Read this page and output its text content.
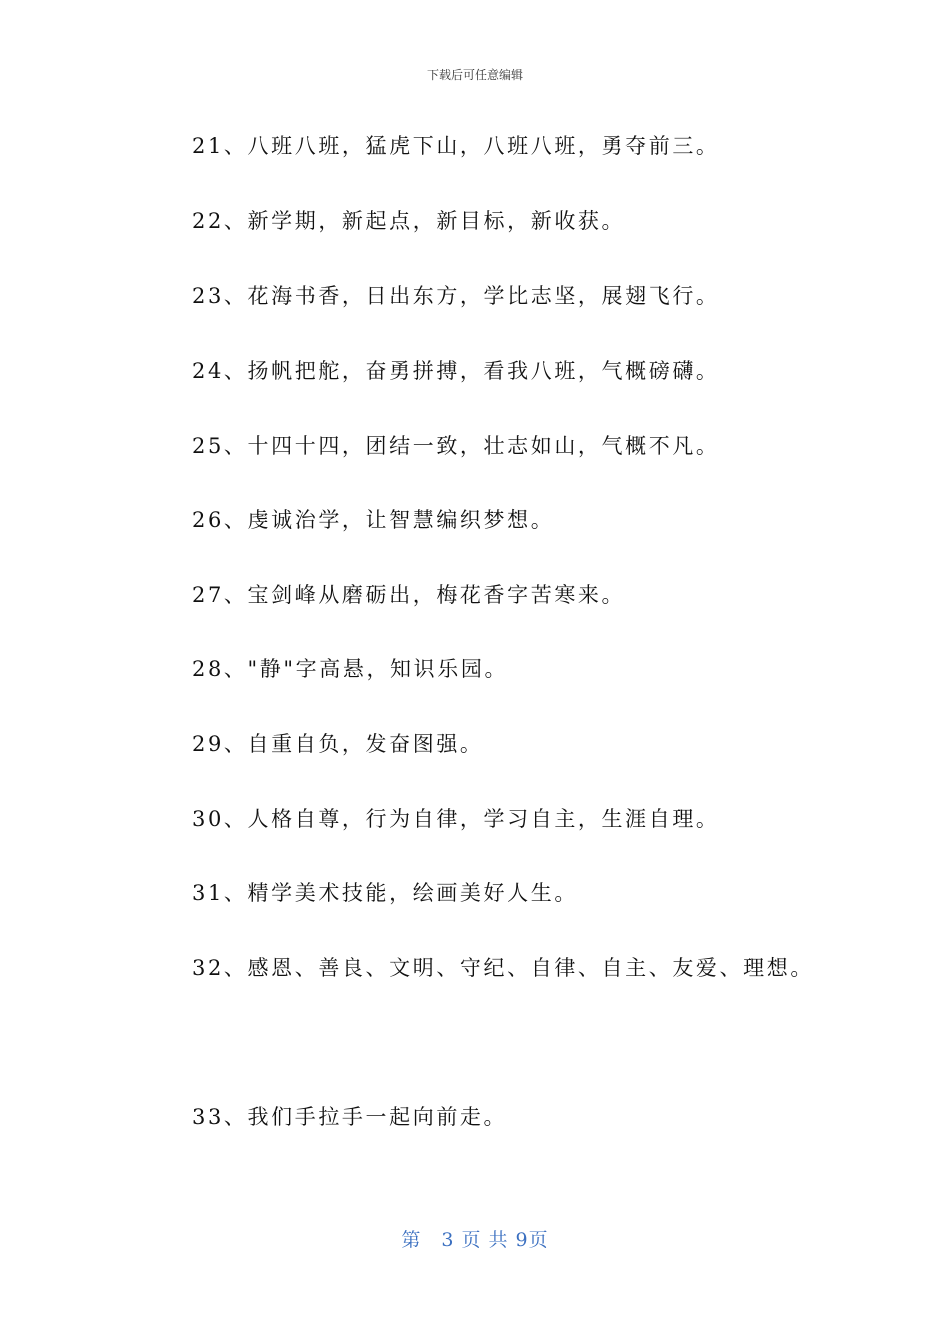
下载后可任意编辑
21、八班八班，猛虎下山，八班八班，勇夺前三。
22、新学期，新起点，新目标，新收获。
23、花海书香，日出东方，学比志坚，展翅飞行。
24、扬帆把舵，奋勇拼搏，看我八班，气概磅礴。
25、十四十四，团结一致，壮志如山，气概不凡。
26、虔诚治学，让智慧编织梦想。
27、宝剑峰从磨砺出，梅花香字苦寒来。
28、"静"字高悬，知识乐园。
29、自重自负，发奋图强。
30、人格自尊，行为自律，学习自主，生涯自理。
31、精学美术技能，绘画美好人生。
32、感恩、善良、文明、守纪、自律、自主、友爱、理想。
33、我们手拉手一起向前走。
第　3 页 共 9页
